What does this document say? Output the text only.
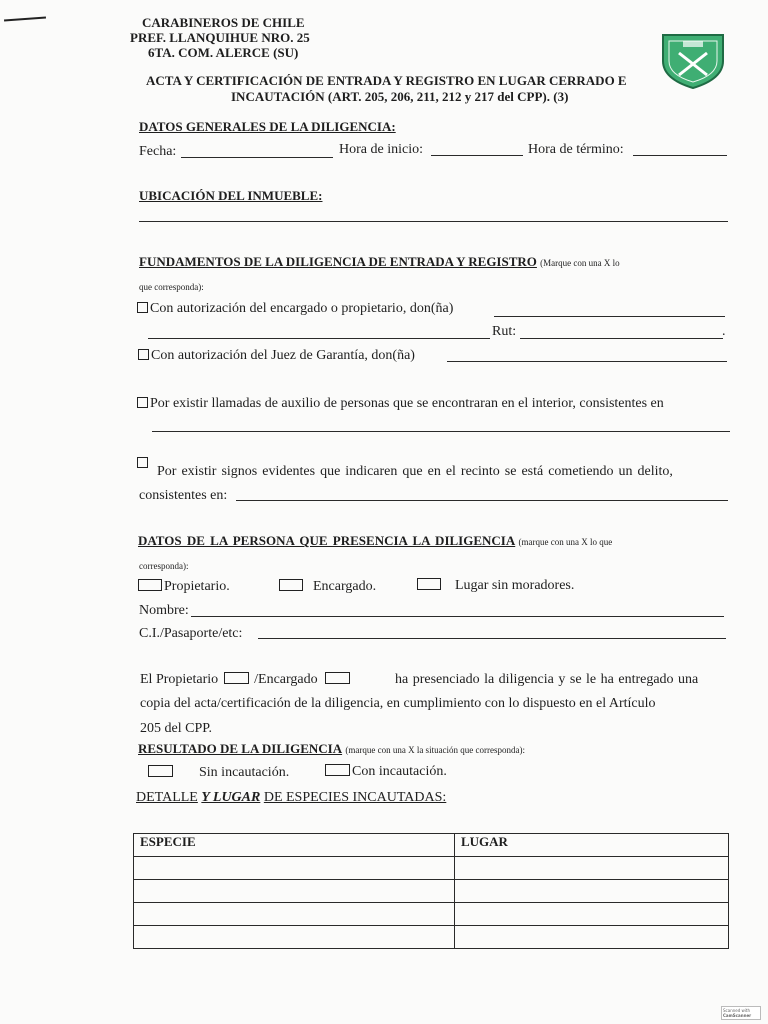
CARABINEROS DE CHILE
PREF. LLANQUIHUE NRO. 25
6TA. COM. ALERCE (SU)
ACTA Y CERTIFICACIÓN DE ENTRADA Y REGISTRO EN LUGAR CERRADO E
INCAUTACIÓN (ART. 205, 206, 211, 212 y 217 del CPP). (3)
DATOS GENERALES DE LA DILIGENCIA:
Fecha:	Hora de inicio:	Hora de término:
UBICACIÓN DEL INMUEBLE:
FUNDAMENTOS DE LA DILIGENCIA DE ENTRADA Y REGISTRO (Marque con una X lo
que corresponda):
Con autorización del encargado o propietario, don(ña)
Rut:	.
Con autorización del Juez de Garantía, don(ña)
Por existir llamadas de auxilio de personas que se encontraran en el interior, consistentes en
Por existir signos evidentes que indicaren que en el recinto se está cometiendo un delito,
consistentes en:
DATOS DE LA PERSONA QUE PRESENCIA LA DILIGENCIA (marque con una X lo que
corresponda):
Propietario.	Encargado.	Lugar sin moradores.
Nombre:
C.I./Pasaporte/etc:
El Propietario	/Encargado	ha presenciado la diligencia y se le ha entregado una
copia del acta/certificación de la diligencia, en cumplimiento con lo dispuesto en el Artículo
205 del CPP.
RESULTADO DE LA DILIGENCIA (marque con una X la situación que corresponda):
Sin incautación.	Con incautación.
DETALLE Y LUGAR DE ESPECIES INCAUTADAS:
ESPECIE	LUGAR

Scanned with
CamScanner
